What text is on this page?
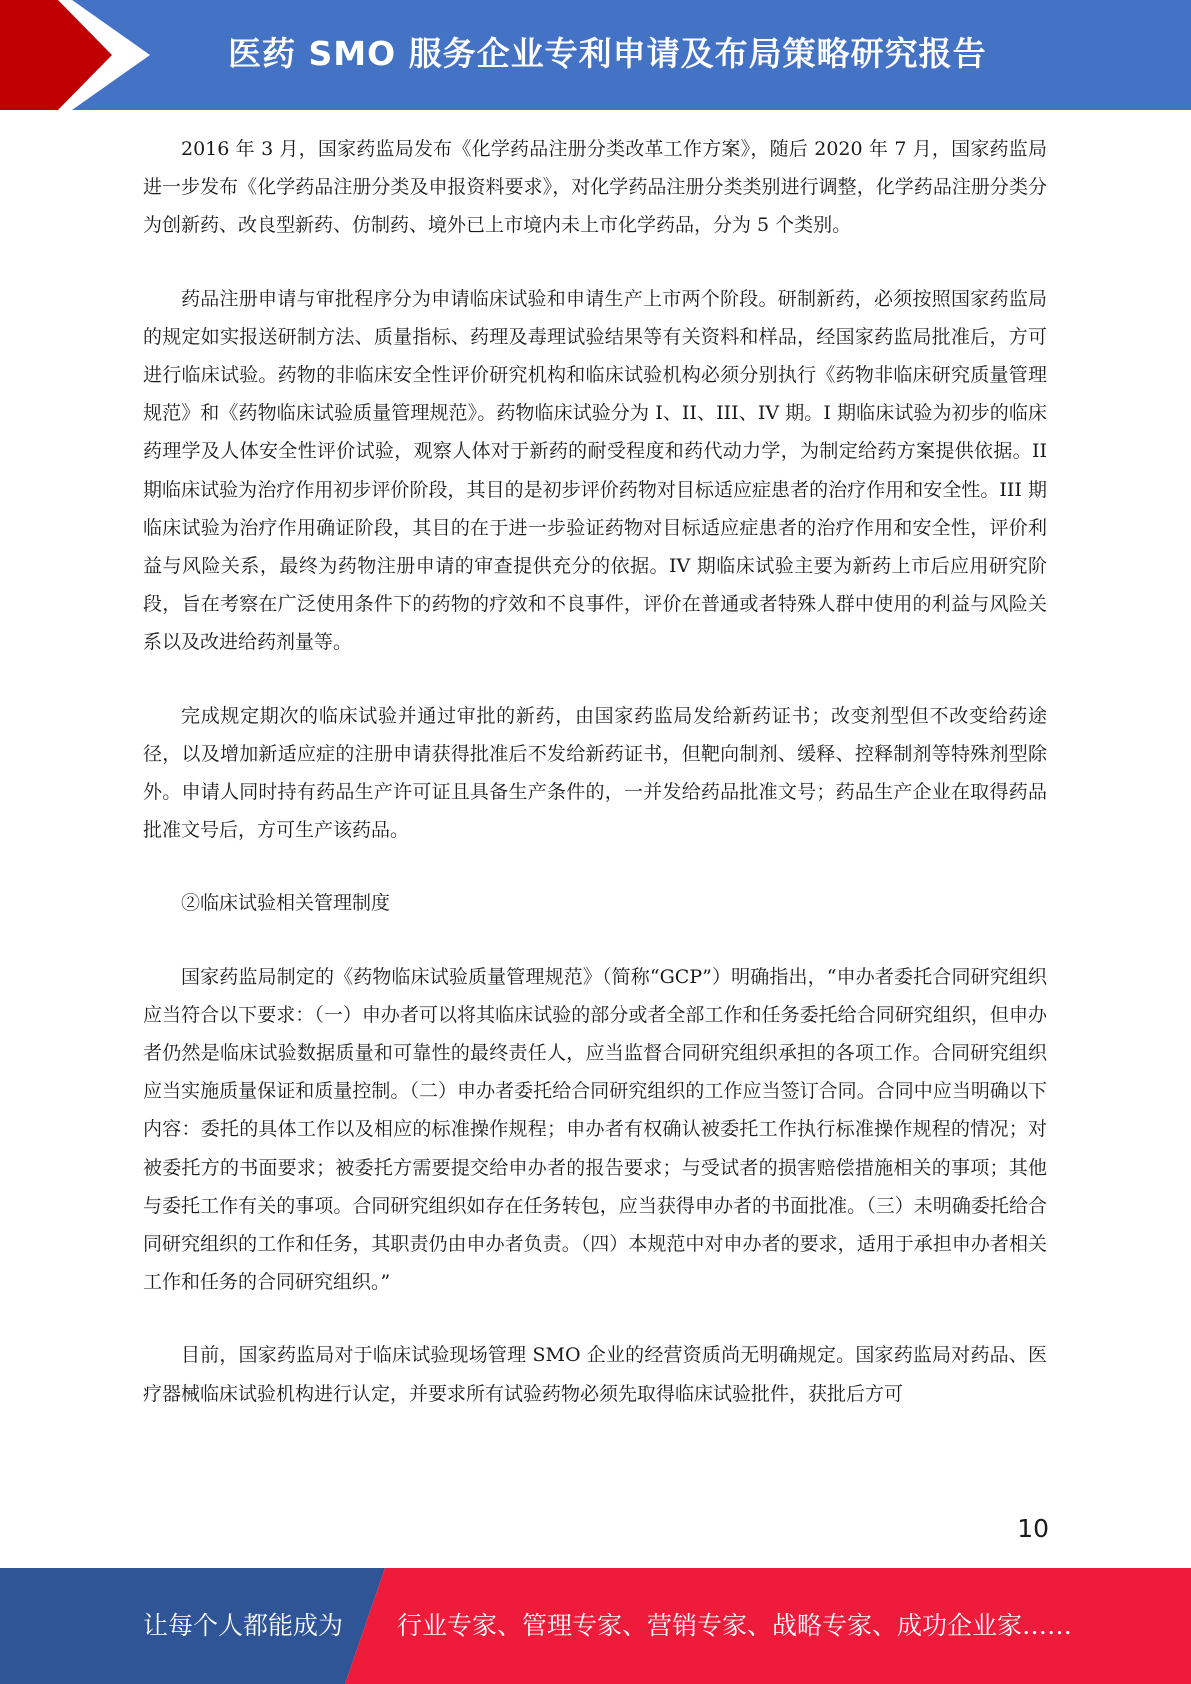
医药 SMO 服务企业专利申请及布局策略研究报告

2016 年 3 月，国家药监局发布《化学药品注册分类改革工作方案》，随后 2020 年 7 月，国家药监局进一步发布《化学药品注册分类及申报资料要求》，对化学药品注册分类类别进行调整，化学药品注册分类分为创新药、改良型新药、仿制药、境外已上市境内未上市化学药品，分为 5 个类别。

药品注册申请与审批程序分为申请临床试验和申请生产上市两个阶段。研制新药，必须按照国家药监局的规定如实报送研制方法、质量指标、药理及毒理试验结果等有关资料和样品，经国家药监局批准后，方可进行临床试验。药物的非临床安全性评价研究机构和临床试验机构必须分别执行《药物非临床研究质量管理规范》和《药物临床试验质量管理规范》。药物临床试验分为 I、II、III、IV 期。I 期临床试验为初步的临床药理学及人体安全性评价试验，观察人体对于新药的耐受程度和药代动力学，为制定给药方案提供依据。II 期临床试验为治疗作用初步评价阶段，其目的是初步评价药物对目标适应症患者的治疗作用和安全性。III 期临床试验为治疗作用确证阶段，其目的在于进一步验证药物对目标适应症患者的治疗作用和安全性，评价利益与风险关系，最终为药物注册申请的审查提供充分的依据。IV 期临床试验主要为新药上市后应用研究阶段，旨在考察在广泛使用条件下的药物的疗效和不良事件，评价在普通或者特殊人群中使用的利益与风险关系以及改进给药剂量等。

完成规定期次的临床试验并通过审批的新药，由国家药监局发给新药证书；改变剂型但不改变给药途径，以及增加新适应症的注册申请获得批准后不发给新药证书，但靶向制剂、缓释、控释制剂等特殊剂型除外。申请人同时持有药品生产许可证且具备生产条件的，一并发给药品批准文号；药品生产企业在取得药品批准文号后，方可生产该药品。

②临床试验相关管理制度

国家药监局制定的《药物临床试验质量管理规范》（简称“GCP”）明确指出，“申办者委托合同研究组织应当符合以下要求：（一）申办者可以将其临床试验的部分或者全部工作和任务委托给合同研究组织，但申办者仍然是临床试验数据质量和可靠性的最终责任人，应当监督合同研究组织承担的各项工作。合同研究组织应当实施质量保证和质量控制。（二）申办者委托给合同研究组织的工作应当签订合同。合同中应当明确以下内容：委托的具体工作以及相应的标准操作规程；申办者有权确认被委托工作执行标准操作规程的情况；对被委托方的书面要求；被委托方需要提交给申办者的报告要求；与受试者的损害赔偿措施相关的事项；其他与委托工作有关的事项。合同研究组织如存在任务转包，应当获得申办者的书面批准。（三）未明确委托给合同研究组织的工作和任务，其职责仍由申办者负责。（四）本规范中对申办者的要求，适用于承担申办者相关工作和任务的合同研究组织。”

目前，国家药监局对于临床试验现场管理 SMO 企业的经营资质尚无明确规定。国家药监局对药品、医疗器械临床试验机构进行认定，并要求所有试验药物必须先取得临床试验批件，获批后方可

10
让每个人都能成为 行业专家、管理专家、营销专家、战略专家、成功企业家……
